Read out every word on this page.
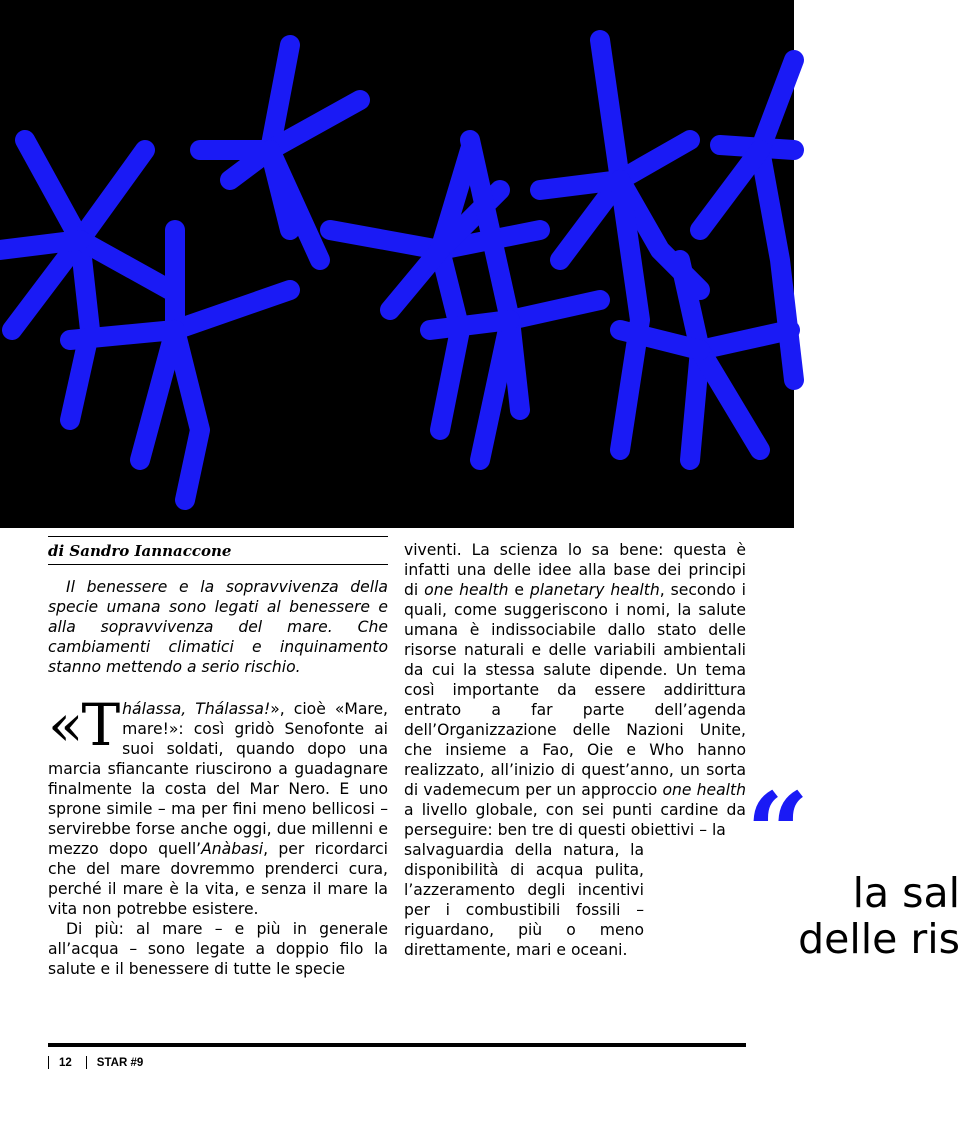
di Sandro Iannaccone

Il benessere e la sopravvivenza della specie umana sono legati al benessere e alla sopravvivenza del mare. Che cambiamenti climatici e inquinamento stanno mettendo a serio rischio.

«Thálassa, Thálassa!», cioè «Mare, mare!»: così gridò Senofonte ai suoi soldati, quando dopo una marcia sfiancante riuscirono a guadagnare finalmente la costa del Mar Nero. E uno sprone simile – ma per fini meno bellicosi – servirebbe forse anche oggi, due millenni e mezzo dopo quell’Anàbasi, per ricordarci che del mare dovremmo prenderci cura, perché il mare è la vita, e senza il mare la vita non potrebbe esistere.

Di più: al mare – e più in generale all’acqua – sono legate a doppio filo la salute e il benessere di tutte le specie

viventi. La scienza lo sa bene: questa è infatti una delle idee alla base dei principi di one health e planetary health, secondo i quali, come suggeriscono i nomi, la salute umana è indissociabile dallo stato delle risorse naturali e delle variabili ambientali da cui la stessa salute dipende. Un tema così importante da essere addirittura entrato a far parte dell’agenda dell’Organizzazione delle Nazioni Unite, che insieme a Fao, Oie e Who hanno realizzato, all’inizio di quest’anno, un sorta di vademecum per un approccio one health a livello globale, con sei punti cardine da perseguire: ben tre di questi obiettivi – la

salvaguardia della natura, la disponibilità di acqua pulita, l’azzeramento degli incentivi per i combustibili fossili – riguardano, più o meno direttamente, mari e oceani.

“	la sal
delle ris
12 STAR #9
